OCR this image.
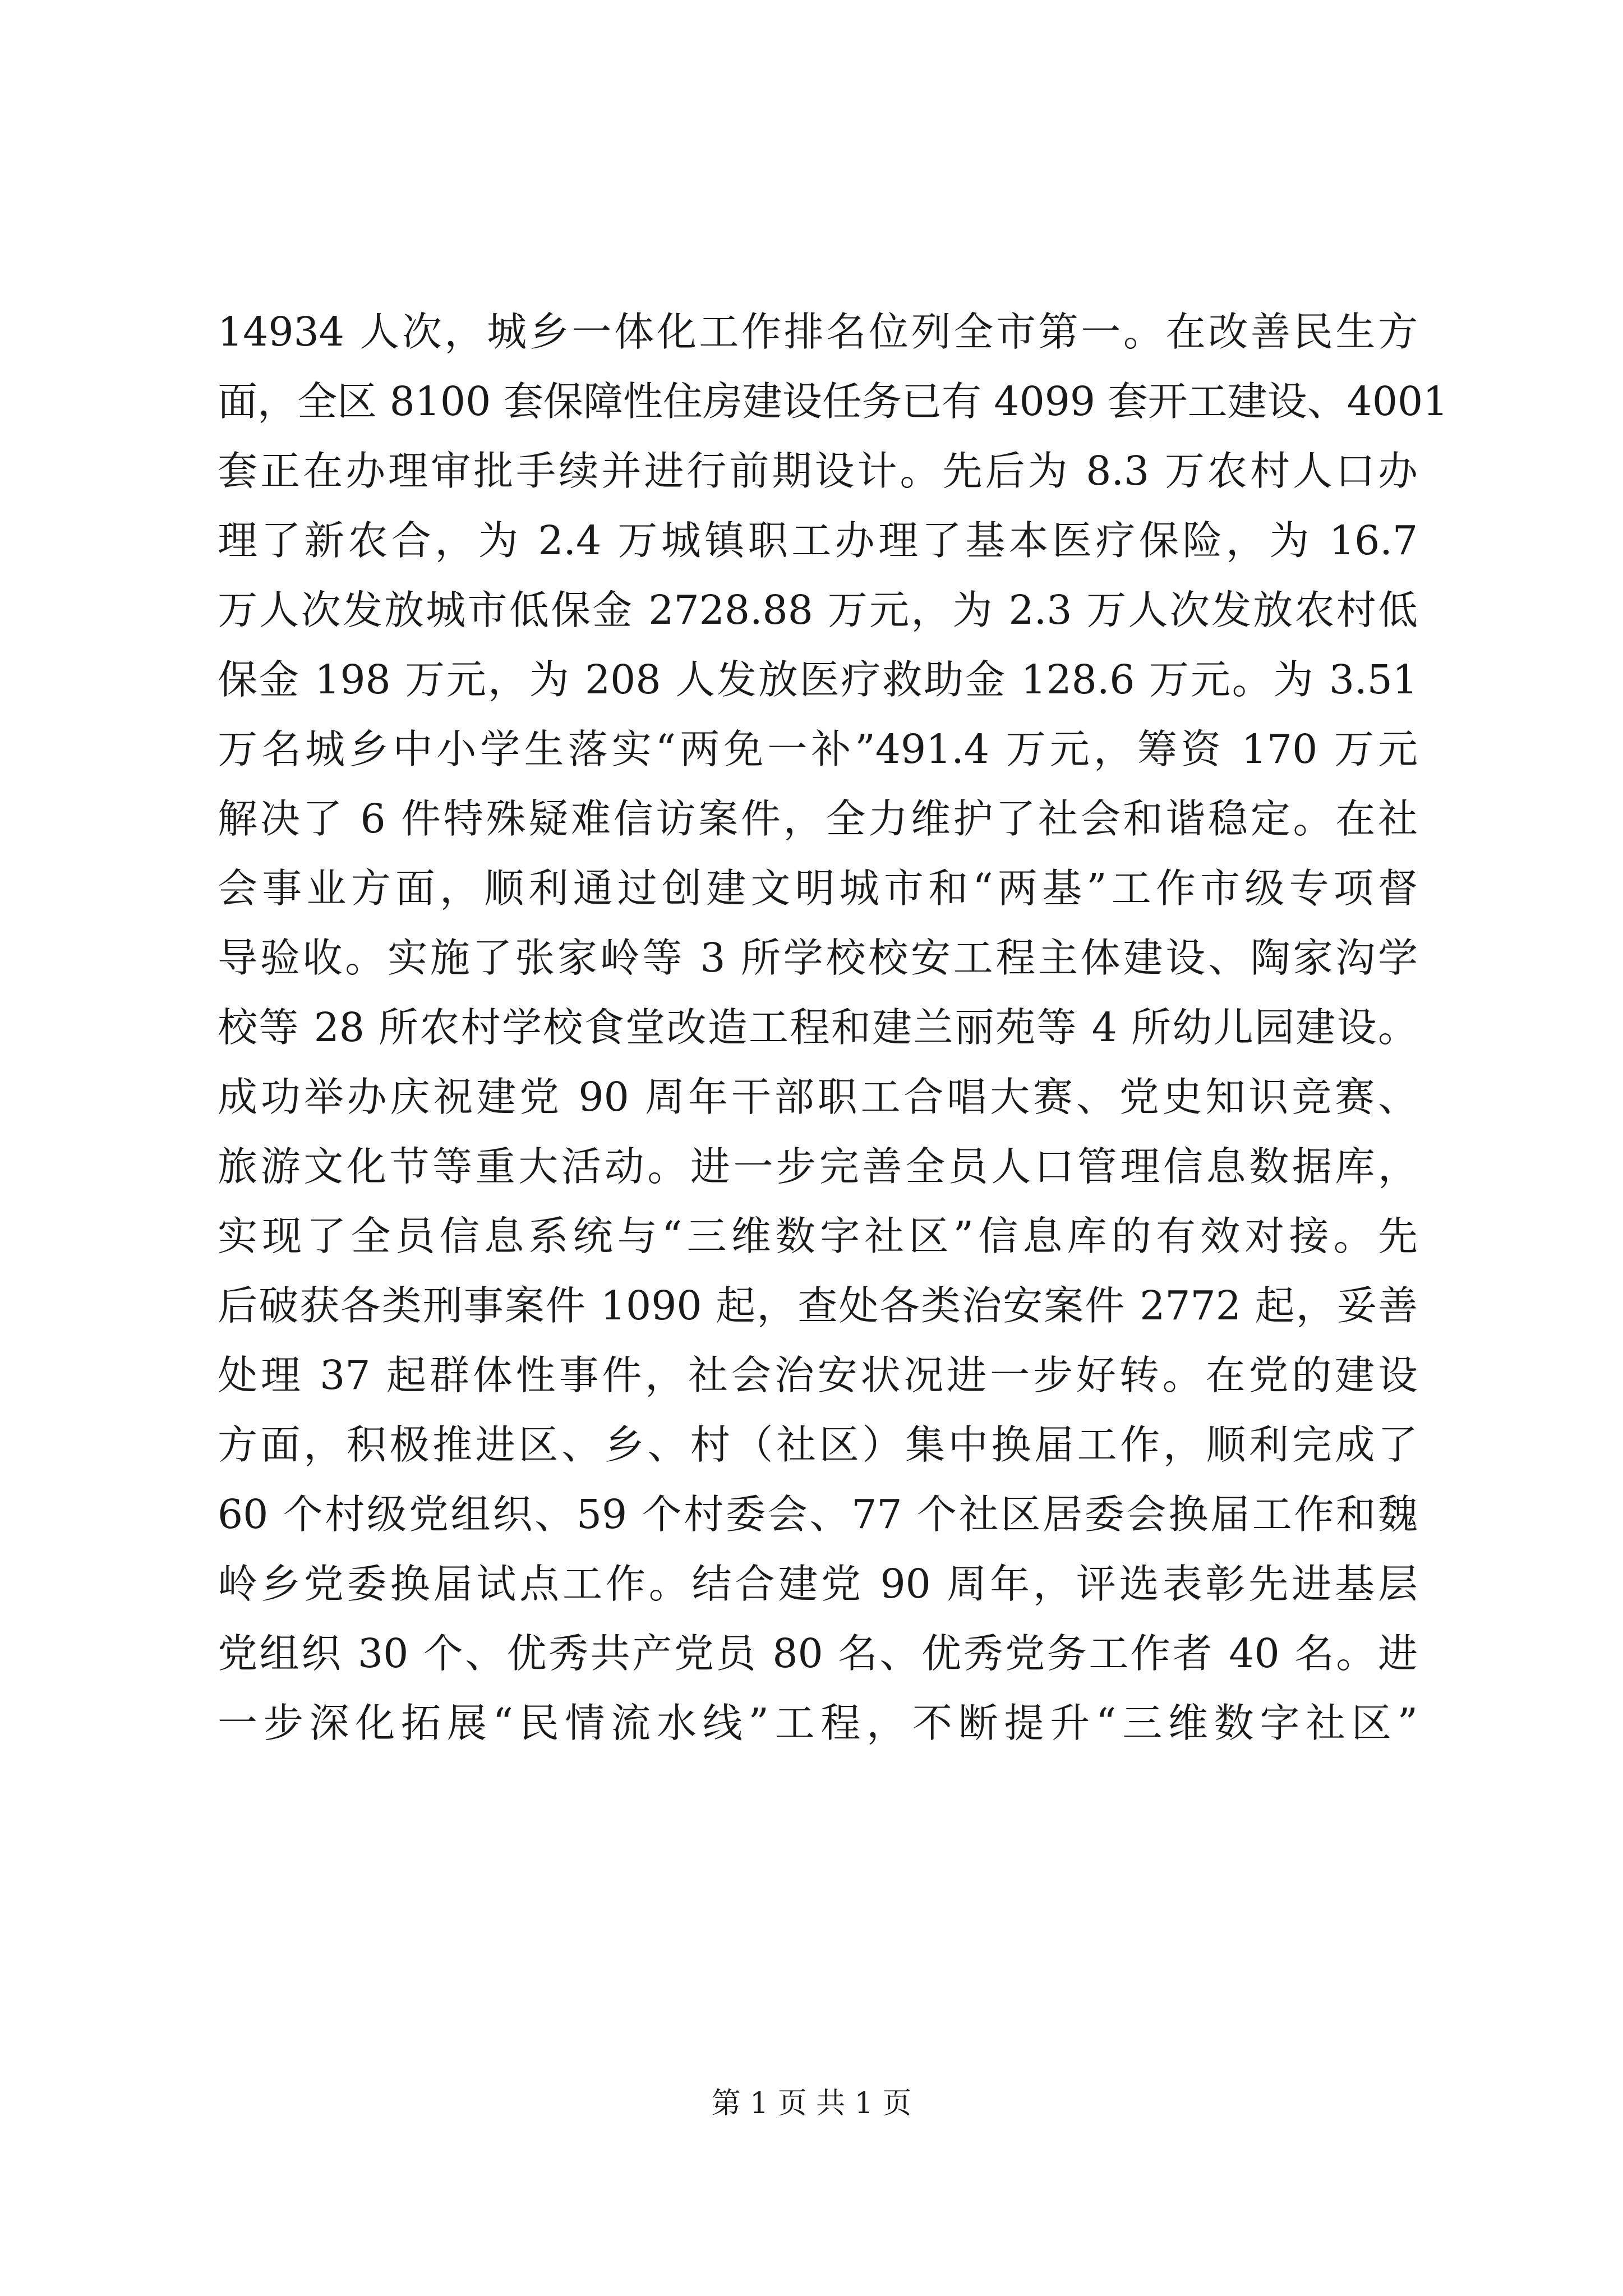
14934 人次，城乡一体化工作排名位列全市第一。在改善民生方
面，全区 8100 套保障性住房建设任务已有 4099 套开工建设、4001
套正在办理审批手续并进行前期设计。先后为 8.3 万农村人口办
理了新农合，为 2.4 万城镇职工办理了基本医疗保险，为 16.7
万人次发放城市低保金 2728.88 万元，为 2.3 万人次发放农村低
保金 198 万元，为 208 人发放医疗救助金 128.6 万元。为 3.51
万名城乡中小学生落实“两免一补”491.4 万元，筹资 170 万元
解决了 6 件特殊疑难信访案件，全力维护了社会和谐稳定。在社
会事业方面，顺利通过创建文明城市和“两基”工作市级专项督
导验收。实施了张家岭等 3 所学校校安工程主体建设、陶家沟学
校等 28 所农村学校食堂改造工程和建兰丽苑等 4 所幼儿园建设。
成功举办庆祝建党 90 周年干部职工合唱大赛、党史知识竞赛、
旅游文化节等重大活动。进一步完善全员人口管理信息数据库，
实现了全员信息系统与“三维数字社区”信息库的有效对接。先
后破获各类刑事案件 1090 起，查处各类治安案件 2772 起，妥善
处理 37 起群体性事件，社会治安状况进一步好转。在党的建设
方面，积极推进区、乡、村（社区）集中换届工作，顺利完成了
60 个村级党组织、59 个村委会、77 个社区居委会换届工作和魏
岭乡党委换届试点工作。结合建党 90 周年，评选表彰先进基层
党组织 30 个、优秀共产党员 80 名、优秀党务工作者 40 名。进
一步深化拓展“民情流水线”工程，不断提升“三维数字社区”
第 1 页 共 1 页
